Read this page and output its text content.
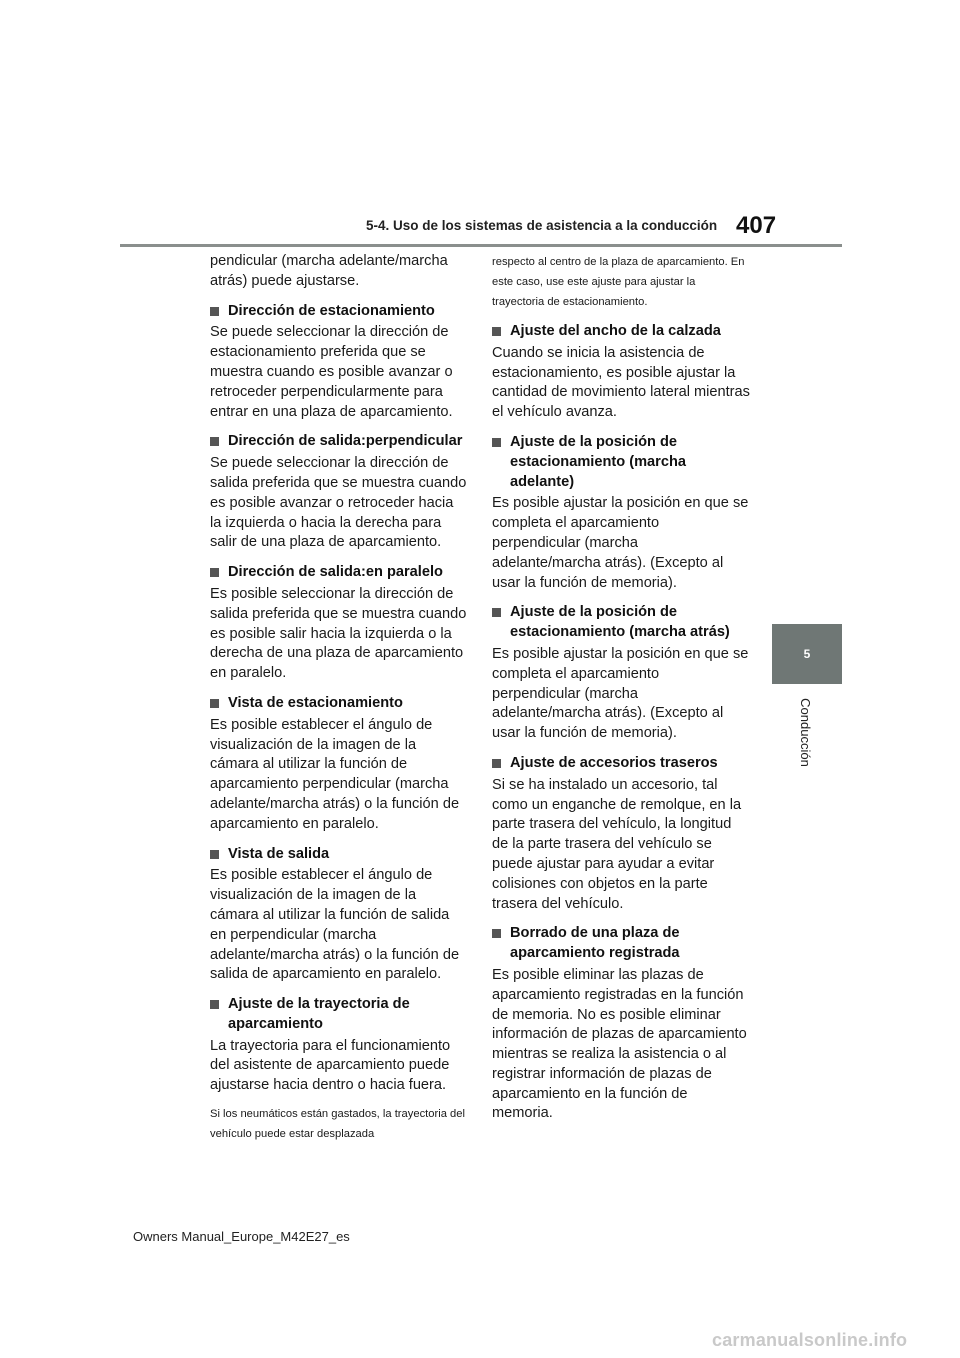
5-4. Uso de los sistemas de asistencia a la conducción 407
5
Conducción

pendicular (marcha adelante/marcha atrás) puede ajustarse.

Dirección de estacionamiento

Se puede seleccionar la dirección de estacionamiento preferida que se muestra cuando es posible avanzar o retroceder perpendicularmente para entrar en una plaza de aparcamiento.

Dirección de salida:perpendicular

Se puede seleccionar la dirección de salida preferida que se muestra cuando es posible avanzar o retroceder hacia la izquierda o hacia la derecha para salir de una plaza de aparcamiento.

Dirección de salida:en paralelo

Es posible seleccionar la dirección de salida preferida que se muestra cuando es posible salir hacia la izquierda o la derecha de una plaza de aparcamiento en paralelo.

Vista de estacionamiento

Es posible establecer el ángulo de visualización de la imagen de la cámara al utilizar la función de aparcamiento perpendicular (marcha adelante/marcha atrás) o la función de aparcamiento en paralelo.

Vista de salida

Es posible establecer el ángulo de visualización de la imagen de la cámara al utilizar la función de salida en perpendicular (marcha adelante/marcha atrás) o la función de salida de aparcamiento en paralelo.

Ajuste de la trayectoria de aparcamiento

La trayectoria para el funcionamiento del asistente de aparcamiento puede ajustarse hacia dentro o hacia fuera.

Si los neumáticos están gastados, la trayectoria del vehículo puede estar desplazada

respecto al centro de la plaza de aparcamiento. En este caso, use este ajuste para ajustar la trayectoria de estacionamiento.

Ajuste del ancho de la calzada

Cuando se inicia la asistencia de estacionamiento, es posible ajustar la cantidad de movimiento lateral mientras el vehículo avanza.

Ajuste de la posición de estacionamiento (marcha adelante)

Es posible ajustar la posición en que se completa el aparcamiento perpendicular (marcha adelante/marcha atrás). (Excepto al usar la función de memoria).

Ajuste de la posición de estacionamiento (marcha atrás)

Es posible ajustar la posición en que se completa el aparcamiento perpendicular (marcha adelante/marcha atrás). (Excepto al usar la función de memoria).

Ajuste de accesorios traseros

Si se ha instalado un accesorio, tal como un enganche de remolque, en la parte trasera del vehículo, la longitud de la parte trasera del vehículo se puede ajustar para ayudar a evitar colisiones con objetos en la parte trasera del vehículo.

Borrado de una plaza de aparcamiento registrada

Es posible eliminar las plazas de aparcamiento registradas en la función de memoria. No es posible eliminar información de plazas de aparcamiento mientras se realiza la asistencia o al registrar información de plazas de aparcamiento en la función de memoria.

Owners Manual_Europe_M42E27_es
carmanualsonline.info
